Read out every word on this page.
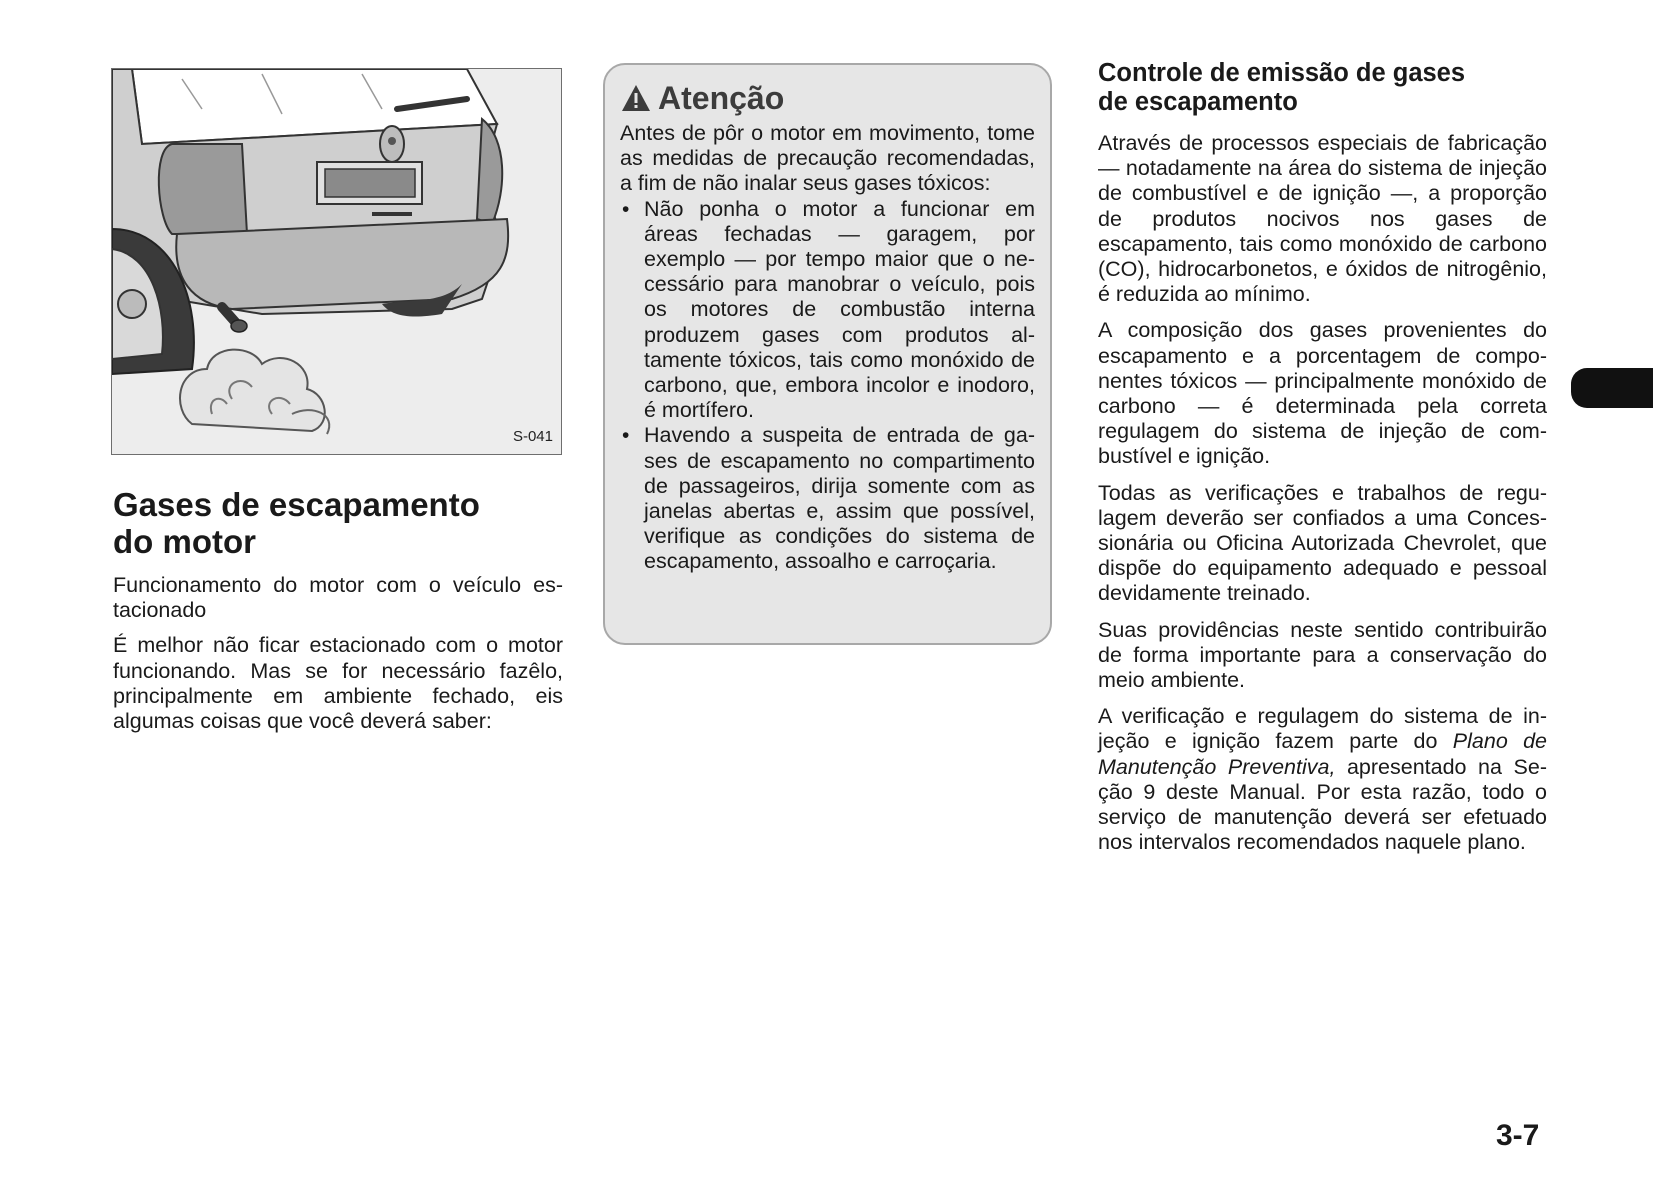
S-041
Gases de escapamento
do motor

Funcionamento do motor com o veículo estacionado

É melhor não ficar estacionado com o motor funcionando. Mas se for necessário fazêlo, principalmente em ambiente fechado, eis algumas coisas que você deverá saber:

Atenção

Antes de pôr o motor em movimento, tome as medidas de precaução recomendadas, a fim de não inalar seus gases tóxicos:

• Não ponha o motor a funcionar em áreas fechadas — garagem, por exemplo — por tempo maior que o necessário para manobrar o veículo, pois os motores de combustão interna produzem gases com produtos altamente tóxicos, tais como monóxido de carbono, que, embora incolor e inodoro, é mortífero.
• Havendo a suspeita de entrada de gases de escapamento no compartimento de passageiros, dirija somente com as janelas abertas e, assim que possível, verifique as condições do sistema de escapamento, assoalho e carroçaria.
Controle de emissão de gases
de escapamento

Através de processos especiais de fabricação — notadamente na área do sistema de injeção de combustível e de ignição —, a proporção de produtos nocivos nos gases de escapamento, tais como monóxido de carbono (CO), hidrocarbonetos, e óxidos de nitrogênio, é reduzida ao mínimo.

A composição dos gases provenientes do escapamento e a porcentagem de componentes tóxicos — principalmente monóxido de carbono — é determinada pela correta regulagem do sistema de injeção de combustível e ignição.

Todas as verificações e trabalhos de regulagem deverão ser confiados a uma Concessionária ou Oficina Autorizada Chevrolet, que dispõe do equipamento adequado e pessoal devidamente treinado.

Suas providências neste sentido contribuirão de forma importante para a conservação do meio ambiente.

A verificação e regulagem do sistema de injeção e ignição fazem parte do Plano de Manutenção Preventiva, apresentado na Seção 9 deste Manual. Por esta razão, todo o serviço de manutenção deverá ser efetuado nos intervalos recomendados naquele plano.

3-7
